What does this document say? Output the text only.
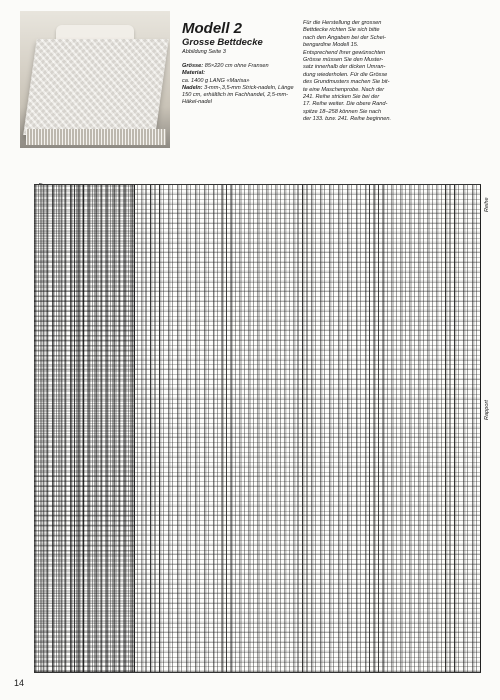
Modell 2

Grosse Bettdecke

Abbildung Seite 3

Grösse: 85×220 cm ohne Fransen

Material:

ca. 1400 g LANG «Marisa»

Nadeln: 3-mm-,3,5-mm Strick-nadeln, Länge 150 cm, erhältlich im Fachhandel, 2,5-mm-Häkel-nadel

Für die Herstellung der grossen

Bettdecke richten Sie sich bitte

nach den Angaben bei der Schei-

bengardine Modell 15.

Entsprechend Ihrer gewünschten

Grösse müssen Sie den Muster-

satz innerhalb der dicken Umran-

dung wiederholen. Für die Grösse

des Grundmusters machen Sie bit-

te eine Maschenprobe. Nach der

241. Reihe stricken Sie bei der

17. Reihe weiter. Die obere Rand-

spitze 18–258 können Sie nach

der 133. bzw. 241. Reihe beginnen.

Reihe
Rapport
14
